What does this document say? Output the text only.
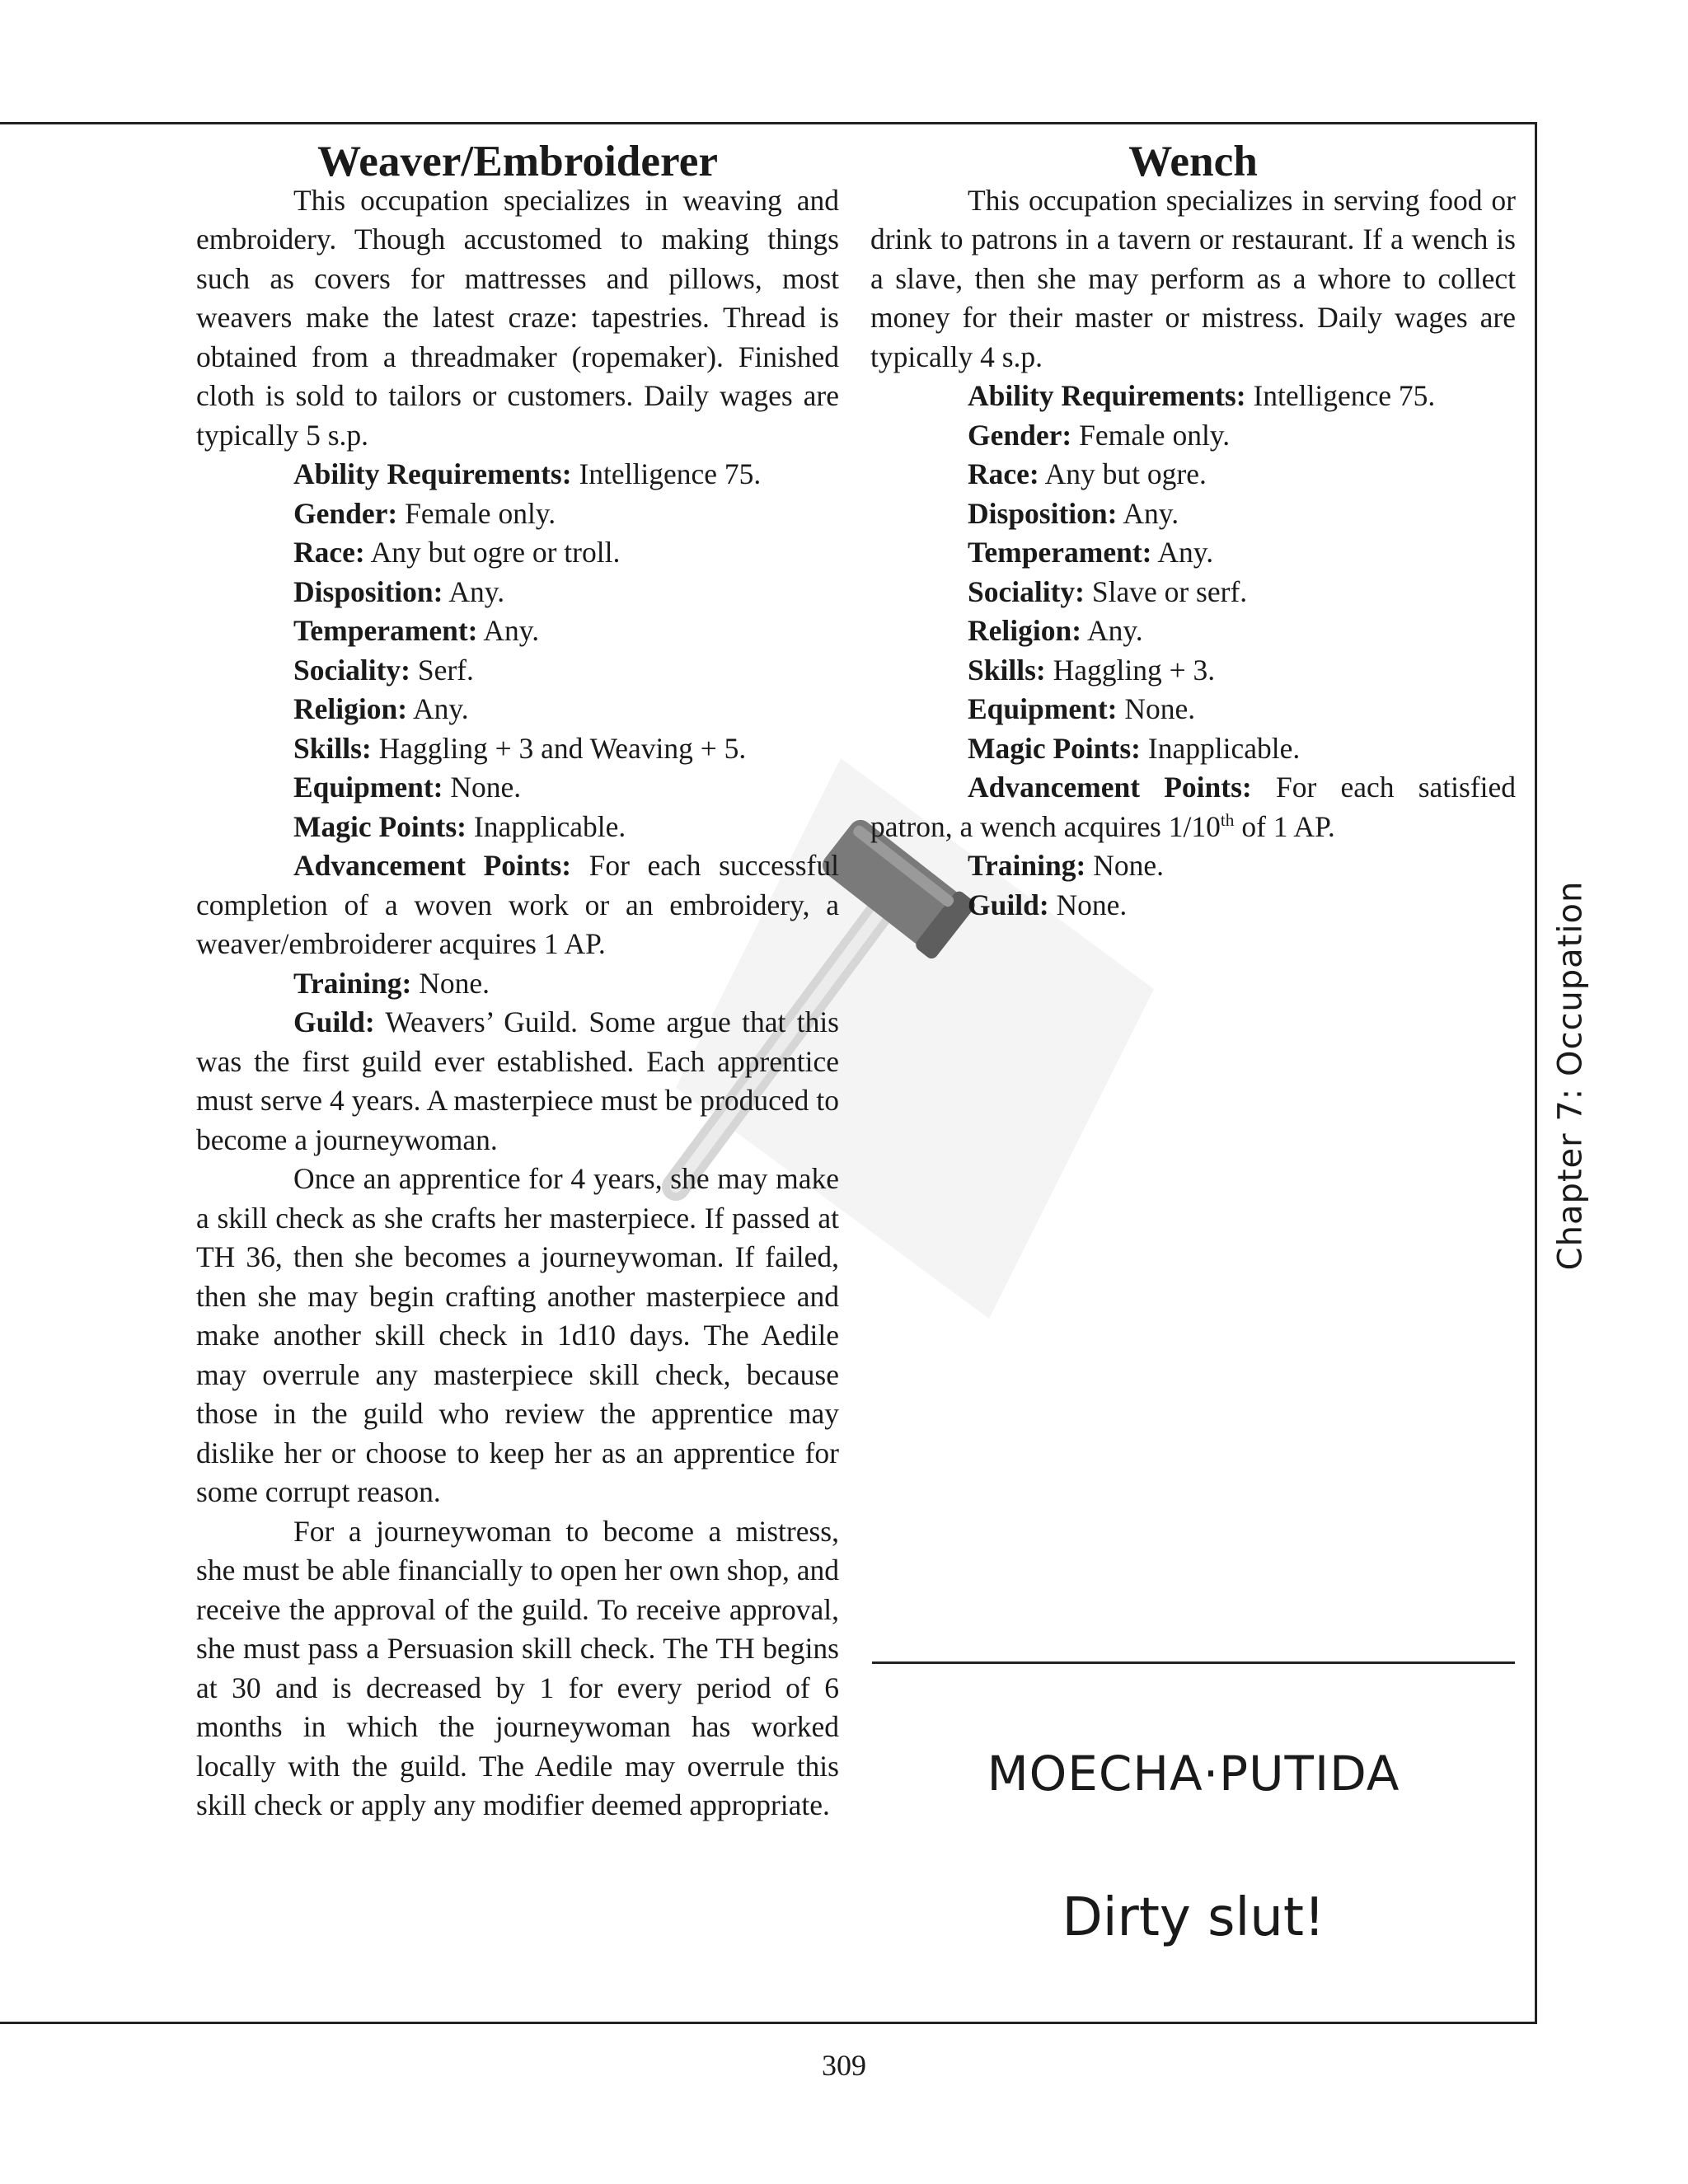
Weaver/Embroiderer

This occupation specializes in weaving and embroidery. Though accustomed to making things such as covers for mattresses and pillows, most weavers make the latest craze: tapestries. Thread is obtained from a threadmaker (ropemaker). Finished cloth is sold to tailors or customers. Daily wages are typically 5 s.p.

Ability Requirements: Intelligence 75.
Gender: Female only.
Race: Any but ogre or troll.
Disposition: Any.
Temperament: Any.
Sociality: Serf.
Religion: Any.
Skills: Haggling + 3 and Weaving + 5.
Equipment: None.
Magic Points: Inapplicable.

Advancement Points: For each successful completion of a woven work or an embroidery, a weaver/embroiderer acquires 1 AP.

Training: None.

Guild: Weavers’ Guild. Some argue that this was the first guild ever established. Each apprentice must serve 4 years. A masterpiece must be produced to become a journeywoman.

Once an apprentice for 4 years, she may make a skill check as she crafts her masterpiece. If passed at TH 36, then she becomes a journeywoman. If failed, then she may begin crafting another masterpiece and make another skill check in 1d10 days. The Aedile may overrule any masterpiece skill check, because those in the guild who review the apprentice may dislike her or choose to keep her as an apprentice for some corrupt reason.

For a journeywoman to become a mistress, she must be able financially to open her own shop, and receive the approval of the guild. To receive approval, she must pass a Persuasion skill check. The TH begins at 30 and is decreased by 1 for every period of 6 months in which the journeywoman has worked locally with the guild. The Aedile may overrule this skill check or apply any modifier deemed appropriate.

Wench

This occupation specializes in serving food or drink to patrons in a tavern or restaurant. If a wench is a slave, then she may perform as a whore to collect money for their master or mistress. Daily wages are typically 4 s.p.

Ability Requirements: Intelligence 75.
Gender: Female only.
Race: Any but ogre.
Disposition: Any.
Temperament: Any.
Sociality: Slave or serf.
Religion: Any.
Skills: Haggling + 3.
Equipment: None.
Magic Points: Inapplicable.

Advancement Points: For each satisfied patron, a wench acquires 1/10th of 1 AP.

Training: None.
Guild: None.	Chapter 7: Occupation
MOECHA·PUTIDA
Dirty slut!
309
